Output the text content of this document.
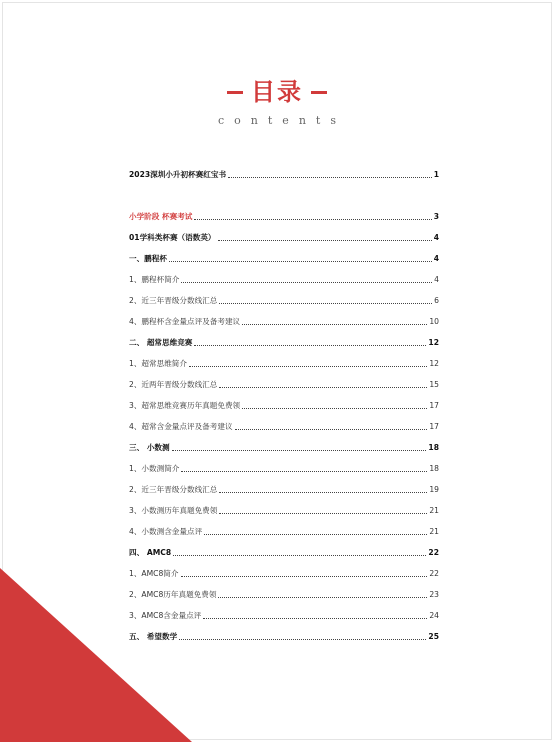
目录
contents
2023深圳小升初杯赛红宝书	1
小学阶段 杯赛考试	3
01学科类杯赛（语数英）	4
一、鹏程杯	4
1、鹏程杯简介	4
2、近三年晋级分数线汇总	6
4、鹏程杯含金量点评及备考建议	10
二、 超常思维竞赛	12
1、超常思维简介	12
2、近两年晋级分数线汇总	15
3、超常思维竞赛历年真题免费领	17
4、超常含金量点评及备考建议	17
三、 小数测	18
1、小数测简介	18
2、近三年晋级分数线汇总	19
3、小数测历年真题免费领	21
4、小数测含金量点评	21
四、 AMC8	22
1、AMC8简介	22
2、AMC8历年真题免费领	23
3、AMC8含金量点评	24
五、 希望数学	25
